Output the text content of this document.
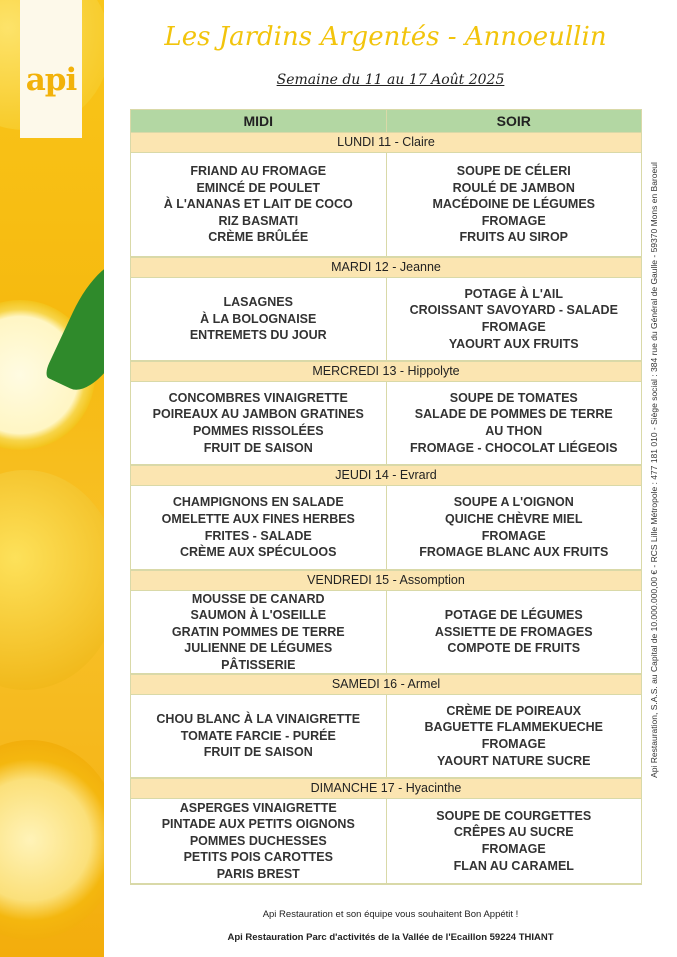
api
Les Jardins Argentés - Annoeullin
Semaine du 11 au 17 Août 2025
MIDI	SOIR
LUNDI 11 - Claire
FRIAND AU FROMAGE
EMINCÉ DE POULET
À L'ANANAS ET LAIT DE COCO
RIZ BASMATI
CRÈME BRÛLÉE
SOUPE DE CÉLERI
ROULÉ DE JAMBON
MACÉDOINE DE LÉGUMES
FROMAGE
FRUITS AU SIROP
MARDI 12 - Jeanne
LASAGNES
À LA BOLOGNAISE
ENTREMETS DU JOUR
POTAGE À L'AIL
CROISSANT SAVOYARD - SALADE
FROMAGE
YAOURT AUX FRUITS
MERCREDI 13 - Hippolyte
CONCOMBRES VINAIGRETTE
POIREAUX AU JAMBON GRATINES
POMMES RISSOLÉES
FRUIT DE SAISON
SOUPE DE TOMATES
SALADE DE POMMES DE TERRE
AU THON
FROMAGE - CHOCOLAT LIÉGEOIS
JEUDI 14 - Evrard
CHAMPIGNONS EN SALADE
OMELETTE AUX FINES HERBES
FRITES - SALADE
CRÈME AUX SPÉCULOOS
SOUPE A L'OIGNON
QUICHE CHÈVRE MIEL
FROMAGE
FROMAGE BLANC AUX FRUITS
VENDREDI 15 - Assomption
MOUSSE DE CANARD
SAUMON À L'OSEILLE
GRATIN POMMES DE TERRE
JULIENNE DE LÉGUMES
PÂTISSERIE
POTAGE DE LÉGUMES
ASSIETTE DE FROMAGES
COMPOTE DE FRUITS
SAMEDI 16 - Armel
CHOU BLANC À LA VINAIGRETTE
TOMATE FARCIE - PURÉE
FRUIT DE SAISON
CRÈME DE POIREAUX
BAGUETTE FLAMMEKUECHE
FROMAGE
YAOURT NATURE SUCRE
DIMANCHE 17 - Hyacinthe
ASPERGES VINAIGRETTE
PINTADE AUX PETITS OIGNONS
POMMES DUCHESSES
PETITS POIS CAROTTES
PARIS BREST
SOUPE DE COURGETTES
CRÊPES AU SUCRE
FROMAGE
FLAN AU CARAMEL
Api Restauration et son équipe vous souhaitent Bon Appétit !
Api Restauration Parc d'activités de la Vallée de l'Ecaillon 59224 THIANT
Api Restauration, S.A.S. au Capital de 10.000.000,00 € - RCS Lille Métropole : 477 181 010 - Siège social : 384 rue du Général de Gaulle - 59370 Mons en Baroeul
